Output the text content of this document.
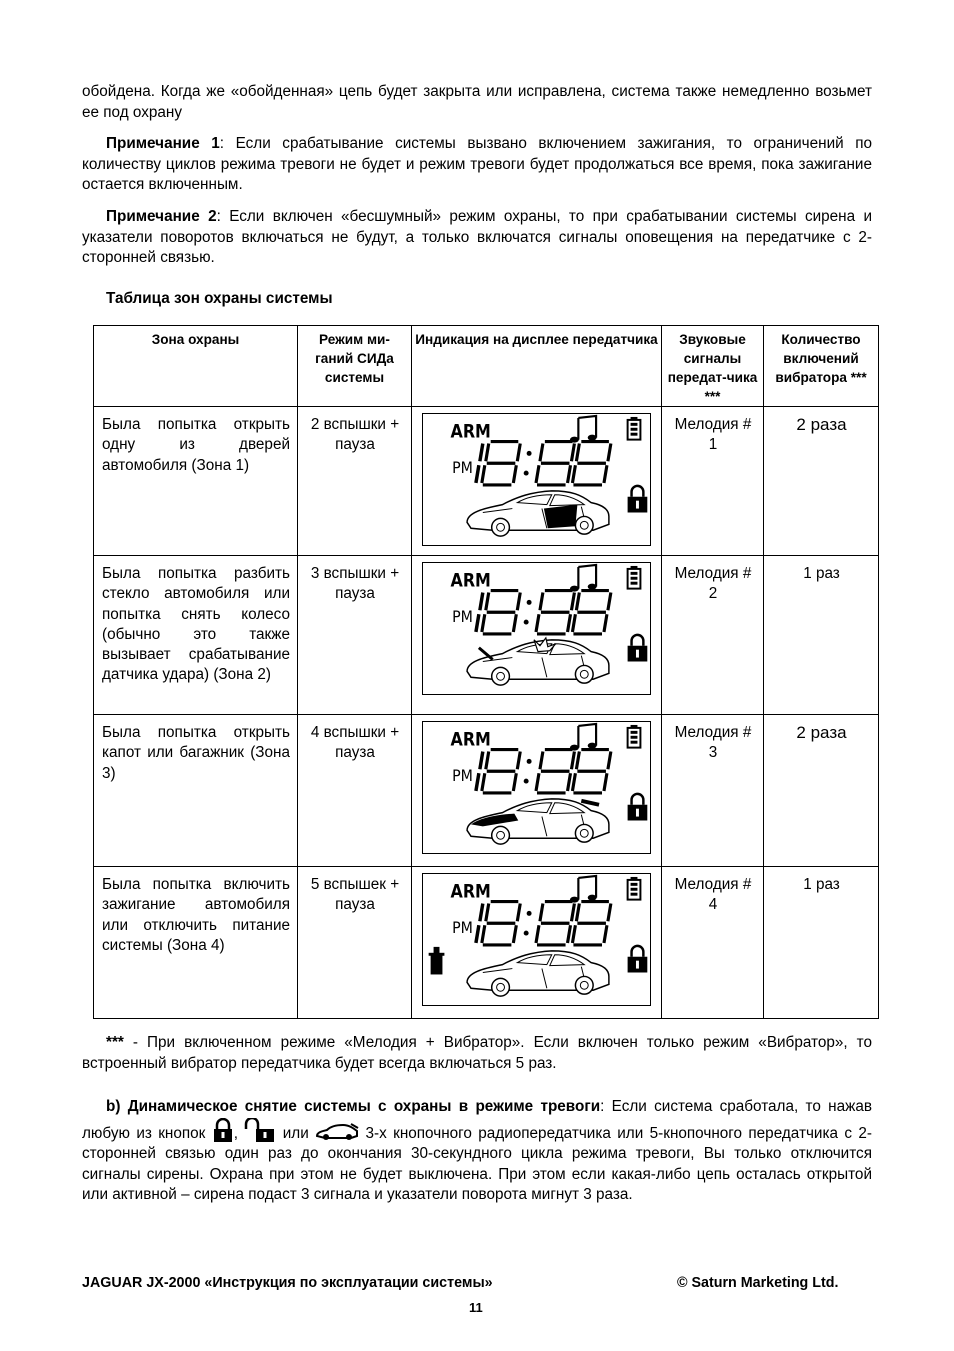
обойдена. Когда же «обойденная» цепь будет закрыта или исправлена, система также немедленно возьмет ее под охрану

Примечание 1: Если срабатывание системы вызвано включением зажигания, то ограничений по количеству циклов режима тревоги не будет и режим тревоги будет продолжаться все время, пока зажигание остается включенным.

Примечание 2: Если включен «бесшумный» режим охраны, то при срабатывании системы сирена и указатели поворотов включаться не будут, а только включатся сигналы оповещения на передатчике с 2-сторонней связью.

Таблица зон охраны системы
Зона охраны	Режим ми-ганий СИДа системы	Индикация на дисплее передатчика	Звуковые сигналы передат-чика ***	Количество включений вибратора ***
Была попытка открыть одну из дверей автомобиля (Зона 1)	2 вспышки + пауза		Мелодия # 1	2 раза
Была попытка разбить стекло автомобиля или попытка снять колесо (обычно это также вызывает срабатывание датчика удара) (Зона 2)	3 вспышки + пауза		Мелодия # 2	1 раз
Была попытка открыть капот или багажник (Зона 3)	4 вспышки + пауза		Мелодия # 3	2 раза
Была попытка включить зажигание автомобиля или отключить питание системы (Зона 4)	5 вспышек + пауза		Мелодия # 4	1 раз

*** - При включенном режиме «Мелодия + Вибратор». Если включен только режим «Вибратор», то встроенный вибратор передатчика будет всегда включаться 5 раз.

b) Динамическое снятие системы с охраны в режиме тревоги: Если система сработала, то нажав любую из кнопок ,	или	3-х кнопочного радиопередатчика или 5-кнопочного передатчика с 2-сторонней связью один раз до окончания 30-секундного цикла режима тревоги, Вы только отключится сигналы сирены. Охрана при этом не будет выключена. При этом если какая-либо цепь осталась открытой или активной – сирена подаст 3 сигнала и указатели поворота мигнут 3 раза.

JAGUAR JX-2000 «Инструкция по эксплуатации системы»	© Saturn Marketing Ltd.
11
